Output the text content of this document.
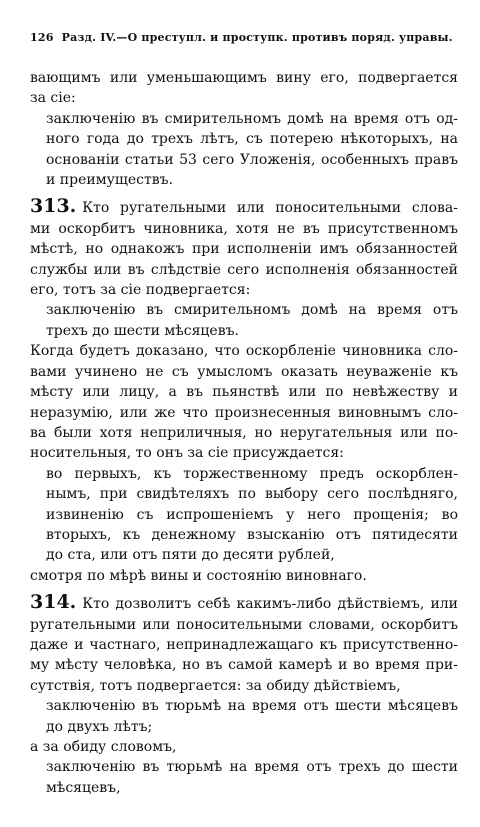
126 Разд. IV.—О преступл. и проступк. противъ поряд. управы.
вающимъ или уменьшающимъ вину его, подвергается
за сіе:
заключенію въ смирительномъ домѣ на время отъ од-
ного года до трехъ лѣтъ, съ потерею нѣкоторыхъ, на
основаніи статьи 53 сего Уложенія, особенныхъ правъ
и преимуществъ.
313. Кто ругательными или поносительными слова-
ми оскорбитъ чиновника, хотя не въ присутственномъ
мѣстѣ, но однакожъ при исполненіи имъ обязанностей
службы или въ слѣдствіе сего исполненія обязанностей
его, тотъ за сіе подвергается:
заключенію въ смирительномъ домѣ на время отъ
трехъ до шести мѣсяцевъ.
Когда будетъ доказано, что оскорбленіе чиновника сло-
вами учинено не съ умысломъ оказать неуваженіе къ
мѣсту или лицу, а въ пьянствѣ или по невѣжеству и
неразумію, или же что произнесенныя виновнымъ сло-
ва были хотя неприличныя, но неругательныя или по-
носительныя, то онъ за сіе присуждается:
во первыхъ, къ торжественному предъ оскорблен-
нымъ, при свидѣтеляхъ по выбору сего послѣдняго,
извиненію съ испрошеніемъ у него прощенія; во
вторыхъ, къ денежному взысканію отъ пятидесяти
до ста, или отъ пяти до десяти рублей,
смотря по мѣрѣ вины и состоянію виновнаго.
314. Кто дозволитъ себѣ какимъ-либо дѣйствіемъ, или
ругательными или поносительными словами, оскорбитъ
даже и частнаго, непринадлежащаго къ присутственно-
му мѣсту человѣка, но въ самой камерѣ и во время при-
сутствія, тотъ подвергается: за обиду дѣйствіемъ,
заключенію въ тюрьмѣ на время отъ шести мѣсяцевъ
до двухъ лѣтъ;
а за обиду словомъ,
заключенію въ тюрьмѣ на время отъ трехъ до шести
мѣсяцевъ,
